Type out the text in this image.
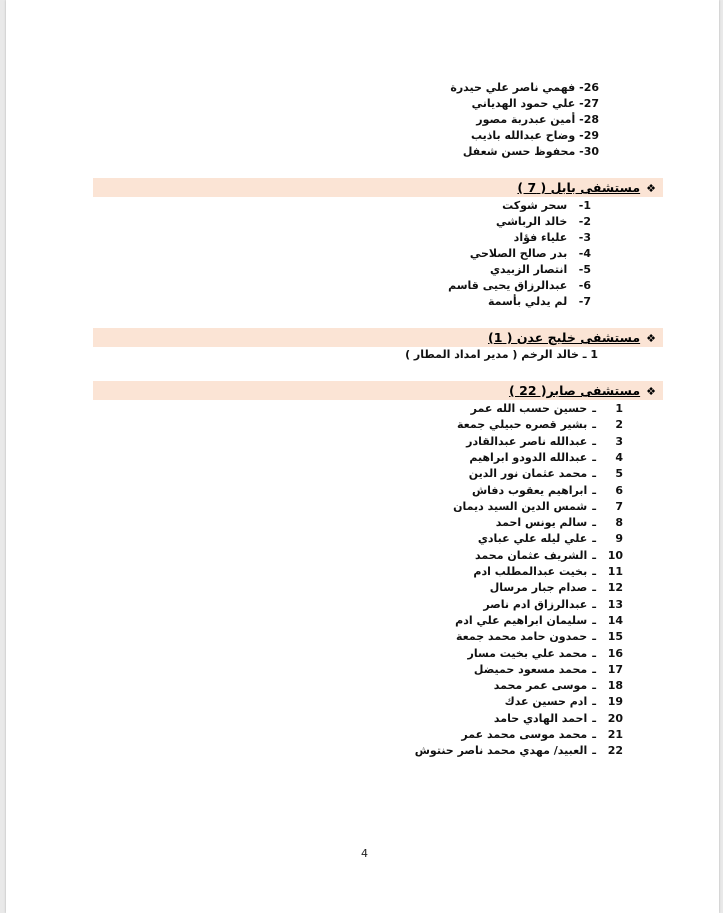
26- فهمي ناصر علي حيدرة
27- علي حمود الهدياني
28- أمين عبدربة مصور
29- وضاح عبدالله باذيب
30- محفوظ حسن شعفل
❖مستشفى بابل ( 7 )
1-   سحر شوكت
2-   خالد الرباشي
3-   علياء فؤاد
4-   بدر صالح الصلاحي
5-   انتصار الزبيدي
6-   عبدالرزاق يحيى قاسم
7-   لم يدلي بأسمة
❖مستشفى خليج عدن ( 1)
1 ـ خالد الرخم ( مدير امداد المطار )
❖مستشفى صابر( 22 )
1ـحسين حسب الله عمر
2ـبشير قصره حبيلي جمعة
3ـعبدالله ناصر عبدالقادر
4ـعبدالله الدودو ابراهيم
5ـمحمد عثمان نور الدين
6ـابراهيم يعقوب دفاش
7ـشمس الدين السيد ديمان
8ـسالم يونس احمد
9ـعلي ليله علي عبادي
10ـالشريف عثمان محمد
11ـبخيت عبدالمطلب ادم
12ـصدام جبار مرسال
13ـعبدالرزاق ادم ناصر
14ـسليمان ابراهيم علي ادم
15ـحمدون حامد محمد جمعة
16ـمحمد علي بخيت مسار
17ـمحمد مسعود حميضل
18ـموسى عمر محمد
19ـادم حسين عدك
20ـاحمد الهادي حامد
21ـمحمد موسى محمد عمر
22ـالعبيد/ مهدي محمد ناصر حنتوش
4
